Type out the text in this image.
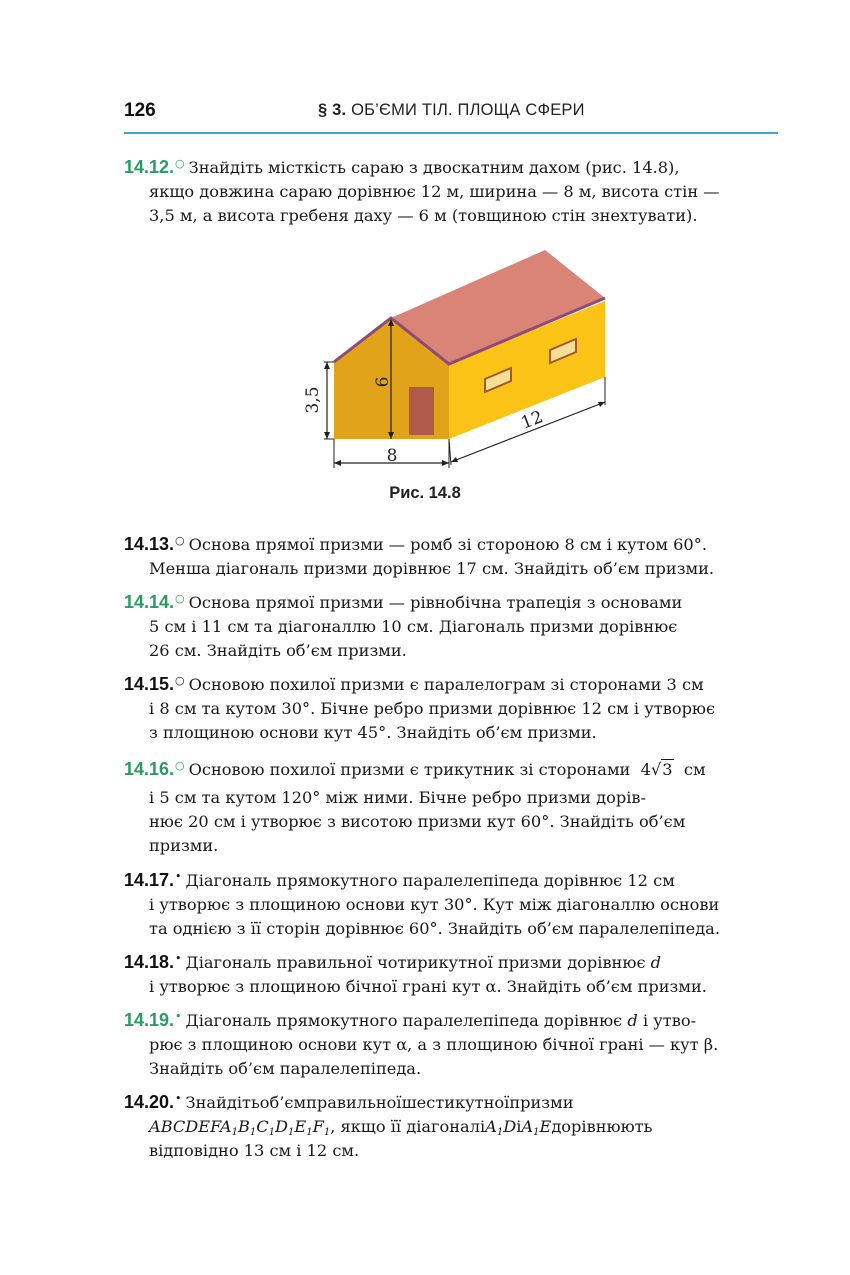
126	§ 3. ОБ’ЄМИ ТІЛ. ПЛОЩА СФЕРИ
14.12.○ Знайдіть місткість сараю з двоскатним дахом (рис. 14.8),
якщо довжина сараю дорівнює 12 м, ширина — 8 м, висота стін —
3,5 м, а висота гребеня даху — 6 м (товщиною стін знехтувати).
3,5
6
8
12
Рис. 14.8
14.13.○ Основа прямої призми — ромб зі стороною 8 см і кутом 60°.
Менша діагональ призми дорівнює 17 см. Знайдіть об’єм призми.
14.14.○ Основа прямої призми — рівнобічна трапеція з основами
5 см і 11 см та діагоналлю 10 см. Діагональ призми дорівнює
26 см. Знайдіть об’єм призми.
14.15.○ Основою похилої призми є паралелограм зі сторонами 3 см
і 8 см та кутом 30°. Бічне ребро призми дорівнює 12 см і утворює
з площиною основи кут 45°. Знайдіть об’єм призми.
14.16.○ Основою похилої призми є трикутник зі сторонами 4√3 см
і 5 см та кутом 120° між ними. Бічне ребро призми дорів-
нює 20 см і утворює з висотою призми кут 60°. Знайдіть об’єм
призми.
14.17.• Діагональ прямокутного паралелепіпеда дорівнює 12 см
і утворює з площиною основи кут 30°. Кут між діагоналлю основи
та однією з її сторін дорівнює 60°. Знайдіть об’єм паралелепіпеда.
14.18.• Діагональ правильної чотирикутної призми дорівнює d
і утворює з площиною бічної грані кут α. Знайдіть об’єм призми.
14.19.• Діагональ прямокутного паралелепіпеда дорівнює d і утво-
рює з площиною основи кут α, а з площиною бічної грані — кут β.
Знайдіть об’єм паралелепіпеда.
14.20.• Знайдітьоб’ємправильноїшестикутноїпризми
$ABCDEFA_1B_1C_1D_1E_1F_1$, якщо її діагоналіA$_1$DіA$_1$Eдорівнюють
відповідно 13 см і 12 см.
